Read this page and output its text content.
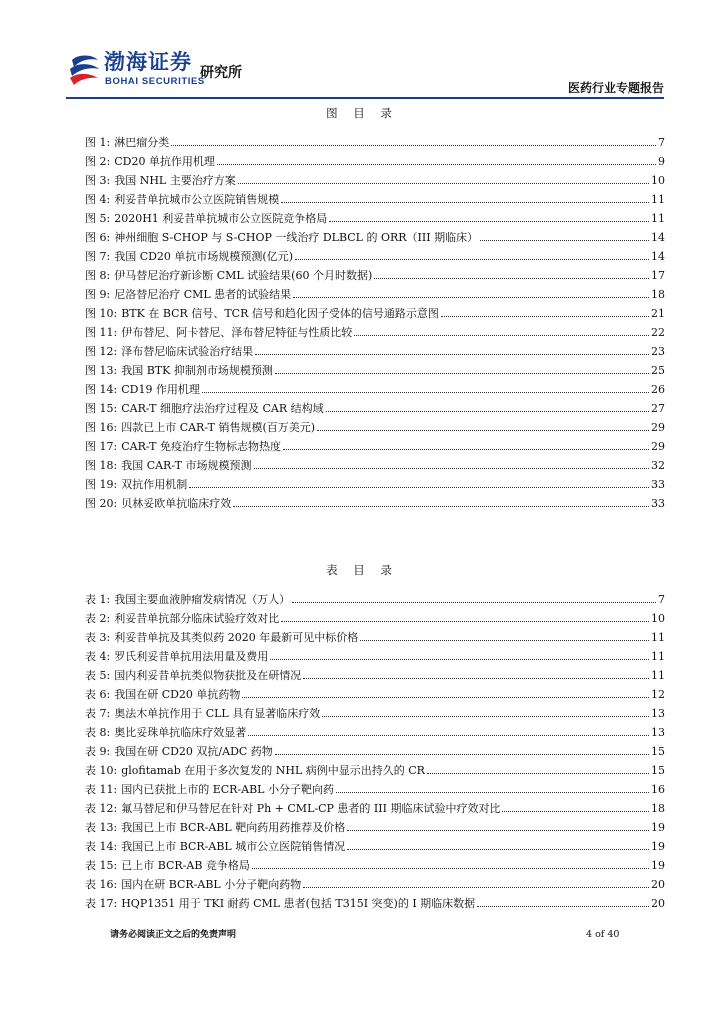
渤海证券
BOHAI SECURITIES
研究所
医药行业专题报告
图 目 录
图 1: 淋巴瘤分类	7
图 2: CD20 单抗作用机理	9
图 3: 我国 NHL 主要治疗方案	10
图 4: 利妥昔单抗城市公立医院销售规模	11
图 5: 2020H1 利妥昔单抗城市公立医院竞争格局	11
图 6: 神州细胞 S-CHOP 与 S-CHOP 一线治疗 DLBCL 的 ORR（III 期临床）	14
图 7: 我国 CD20 单抗市场规模预测(亿元)	14
图 8: 伊马替尼治疗新诊断 CML 试验结果(60 个月时数据)	17
图 9: 尼洛替尼治疗 CML 患者的试验结果	18
图 10: BTK 在 BCR 信号、TCR 信号和趋化因子受体的信号通路示意图	21
图 11: 伊布替尼、阿卡替尼、泽布替尼特征与性质比较	22
图 12: 泽布替尼临床试验治疗结果	23
图 13: 我国 BTK 抑制剂市场规模预测	25
图 14: CD19 作用机理	26
图 15: CAR-T 细胞疗法治疗过程及 CAR 结构域	27
图 16: 四款已上市 CAR-T 销售规模(百万美元)	29
图 17: CAR-T 免疫治疗生物标志物热度	29
图 18: 我国 CAR-T 市场规模预测	32
图 19: 双抗作用机制	33
图 20: 贝林妥欧单抗临床疗效	33
表 目 录
表 1: 我国主要血液肿瘤发病情况（万人）	7
表 2: 利妥昔单抗部分临床试验疗效对比	10
表 3: 利妥昔单抗及其类似药 2020 年最新可见中标价格	11
表 4: 罗氏利妥昔单抗用法用量及费用	11
表 5: 国内利妥昔单抗类似物获批及在研情况	11
表 6: 我国在研 CD20 单抗药物	12
表 7: 奥法木单抗作用于 CLL 具有显著临床疗效	13
表 8: 奥比妥珠单抗临床疗效显著	13
表 9: 我国在研 CD20 双抗/ADC 药物	15
表 10: glofitamab 在用于多次复发的 NHL 病例中显示出持久的 CR	15
表 11: 国内已获批上市的 ECR-ABL 小分子靶向药	16
表 12: 氟马替尼和伊马替尼在针对 Ph + CML-CP 患者的 III 期临床试验中疗效对比	18
表 13: 我国已上市 BCR-ABL 靶向药用药推荐及价格	19
表 14: 我国已上市 BCR-ABL 城市公立医院销售情况	19
表 15: 已上市 BCR-AB 竞争格局	19
表 16: 国内在研 BCR-ABL 小分子靶向药物	20
表 17: HQP1351 用于 TKI 耐药 CML 患者(包括 T315I 突变)的 I 期临床数据	20
请务必阅读正文之后的免责声明	4 of 40
